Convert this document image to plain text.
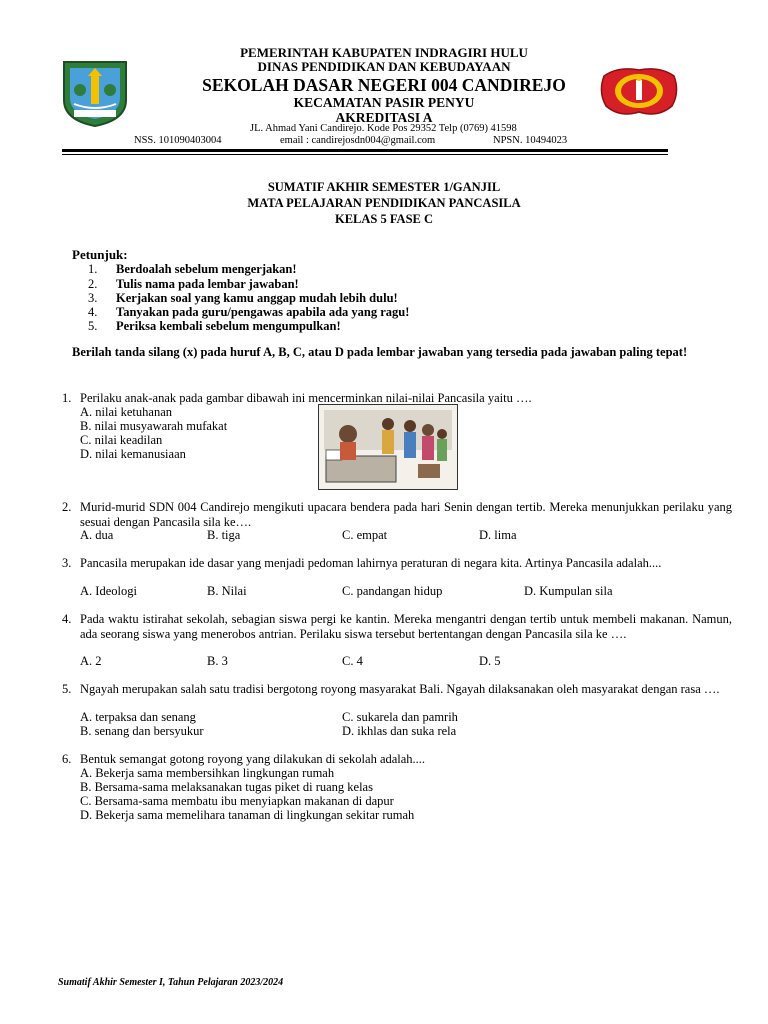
PEMERINTAH KABUPATEN INDRAGIRI HULU
DINAS PENDIDIKAN DAN KEBUDAYAAN
SEKOLAH DASAR NEGERI 004 CANDIREJO
KECAMATAN PASIR PENYU
AKREDITASI A
JL. Ahmad Yani Candirejo. Kode Pos 29352 Telp (0769) 41598
NSS. 101090403004	email : candirejosdn004@gmail.com	NPSN. 10494023
SUMATIF AKHIR SEMESTER 1/GANJIL
MATA PELAJARAN PENDIDIKAN PANCASILA
KELAS 5 FASE C
Petunjuk:
1. Berdoalah sebelum mengerjakan!
2. Tulis nama pada lembar jawaban!
3. Kerjakan soal yang kamu anggap mudah lebih dulu!
4. Tanyakan pada guru/pengawas apabila ada yang ragu!
5. Periksa kembali sebelum mengumpulkan!
Berilah tanda silang (x) pada huruf A, B, C, atau D pada lembar jawaban yang tersedia pada jawaban paling tepat!
1. Perilaku anak-anak pada gambar dibawah ini mencerminkan nilai-nilai Pancasila yaitu ….
A. nilai ketuhanan
B. nilai musyawarah mufakat
C. nilai keadilan
D. nilai kemanusiaan
2. Murid-murid SDN 004 Candirejo mengikuti upacara bendera pada hari Senin dengan tertib. Mereka menunjukkan perilaku yang sesuai dengan Pancasila sila ke….
A. dua	B. tiga	C. empat	D. lima
3. Pancasila merupakan ide dasar yang menjadi pedoman lahirnya peraturan di negara kita. Artinya Pancasila adalah....
A. Ideologi	B. Nilai	C. pandangan hidup	D. Kumpulan sila
4. Pada waktu istirahat sekolah, sebagian siswa pergi ke kantin. Mereka mengantri dengan tertib untuk membeli makanan. Namun, ada seorang siswa yang menerobos antrian. Perilaku siswa tersebut bertentangan dengan Pancasila sila ke ….
A. 2	B. 3	C. 4	D. 5
5. Ngayah merupakan salah satu tradisi bergotong royong masyarakat Bali. Ngayah dilaksanakan oleh masyarakat dengan rasa ….
A. terpaksa dan senang
B. senang dan bersyukur
C. sukarela dan pamrih
D. ikhlas dan suka rela
6. Bentuk semangat gotong royong yang dilakukan di sekolah adalah....
A. Bekerja sama membersihkan lingkungan rumah
B. Bersama-sama melaksanakan tugas piket di ruang kelas
C. Bersama-sama membatu ibu menyiapkan makanan di dapur
D. Bekerja sama memelihara tanaman di lingkungan sekitar rumah
Sumatif Akhir Semester I, Tahun Pelajaran 2023/2024
